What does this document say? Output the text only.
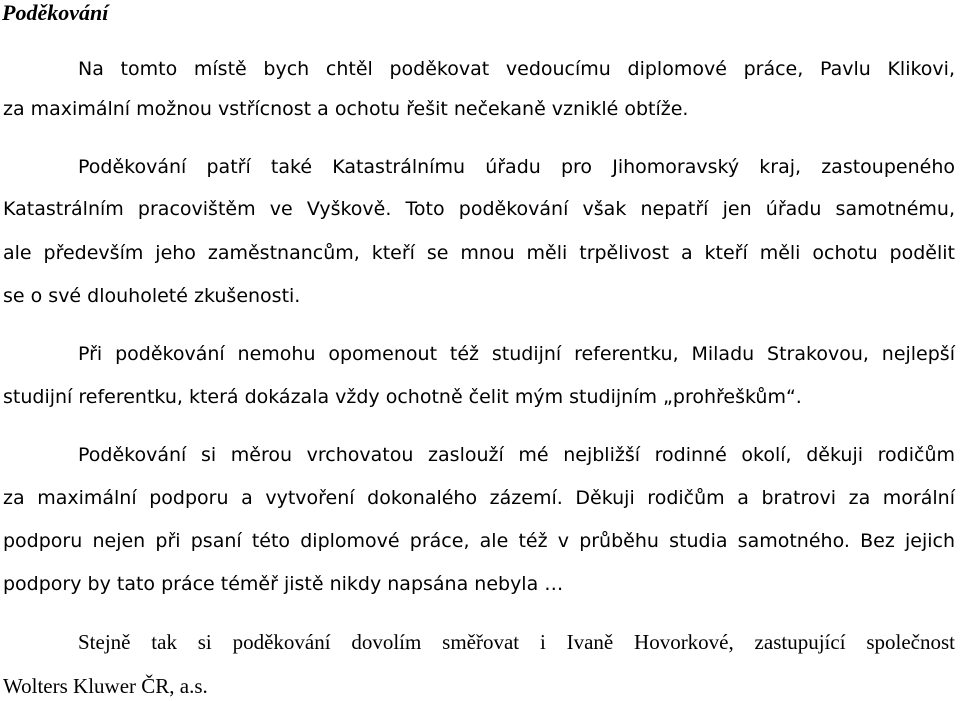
Poděkování

Na tomto místě bych chtěl poděkovat vedoucímu diplomové práce, Pavlu Klikovi,

za maximální možnou vstřícnost a ochotu řešit nečekaně vzniklé obtíže.

Poděkování patří také Katastrálnímu úřadu pro Jihomoravský kraj, zastoupeného

Katastrálním pracovištěm ve Vyškově. Toto poděkování však nepatří jen úřadu samotnému,

ale především jeho zaměstnancům, kteří se mnou měli trpělivost a kteří měli ochotu podělit

se o své dlouholeté zkušenosti.

Při poděkování nemohu opomenout též studijní referentku, Miladu Strakovou, nejlepší

studijní referentku, která dokázala vždy ochotně čelit mým studijním „prohřeškům“.

Poděkování si měrou vrchovatou zaslouží mé nejbližší rodinné okolí, děkuji rodičům

za maximální podporu a vytvoření dokonalého zázemí. Děkuji rodičům a bratrovi za morální

podporu nejen při psaní této diplomové práce, ale též v průběhu studia samotného. Bez jejich

podpory by tato práce téměř jistě nikdy napsána nebyla …

Stejně tak si poděkování dovolím směřovat i Ivaně Hovorkové, zastupující společnost

Wolters Kluwer ČR, a.s.
